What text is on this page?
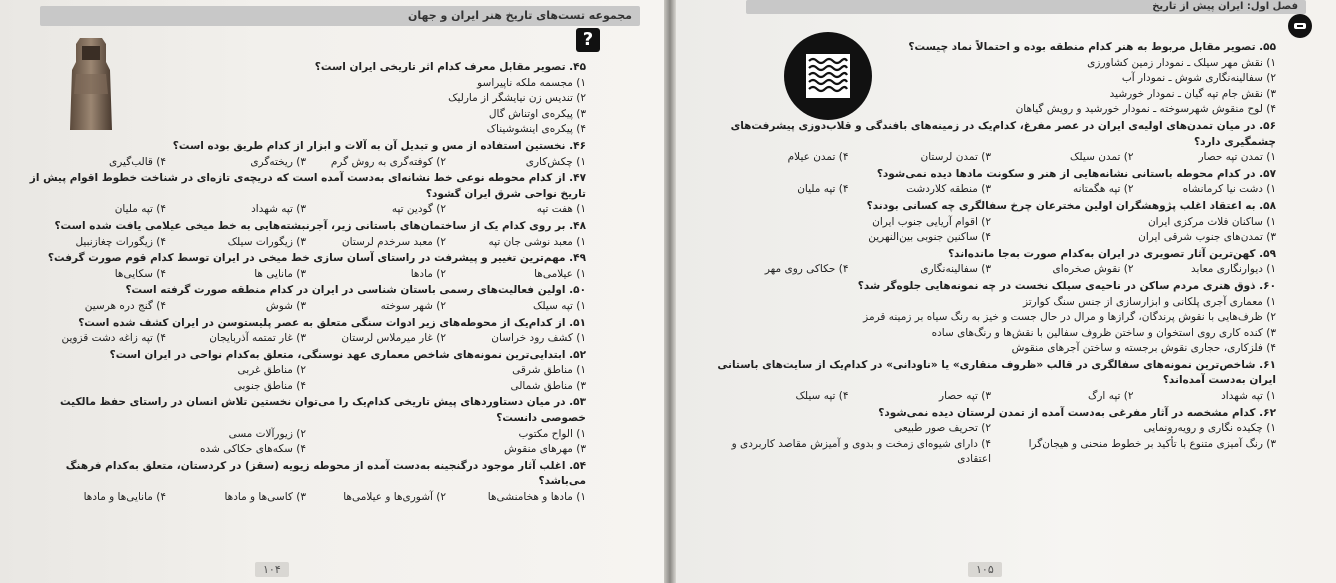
مجموعه تست‌های تاریخ هنر ایران و جهان
?
۴۵. تصویر مقابل معرف کدام اثر تاریخی ایران است؟
۱) مجسمه ملکه ناپیراسو
۲) تندیس زن نیایشگر از مارلیک
۳) پیکره‌ی اوتناش گال
۴) پیکره‌ی اینشوشیناک
۴۶. نخستین استفاده از مس و تبدیل آن به آلات و ابزار از کدام طریق بوده است؟
۱) چکش‌کاری
۲) کوفته‌گری به روش گرم
۳) ریخته‌گری
۴) قالب‌گیری
۴۷. از کدام محوطه نوعی خط نشانه‌ای به‌دست آمده است که دریچه‌ی تازه‌ای در شناخت خطوط اقوام پیش از تاریخ نواحی شرق ایران گشود؟
۱) هفت تپه
۲) گودین تپه
۳) تپه شهداد
۴) تپه ملیان
۴۸. بر روی کدام یک از ساختمان‌های باستانی زیر، آجرنبشته‌هایی به خط میخی عیلامی یافت شده است؟
۱) معبد نوشی جان تپه
۲) معبد سرخدم لرستان
۳) زیگورات سیلک
۴) زیگورات چغازنبیل
۴۹. مهم‌ترین تغییر و پیشرفت در راستای آسان سازی خط میخی در ایران توسط کدام قوم صورت گرفت؟
۱) عیلامی‌ها
۲) مادها
۳) مانایی ها
۴) سکایی‌ها
۵۰. اولین فعالیت‌های رسمی باستان شناسی در ایران در کدام منطقه صورت گرفته است؟
۱) تپه سیلک
۲) شهر سوخته
۳) شوش
۴) گنج دره هرسین
۵۱. از کدام‌یک از محوطه‌های زیر ادوات سنگی متعلق به عصر پلیستوسن در ایران کشف شده است؟
۱) کشف رود خراسان
۲) غار میرملاس لرستان
۳) غار تمتمه آذربایجان
۴) تپه زاغه دشت قزوین
۵۲. ابتدایی‌ترین نمونه‌های شاخص معماری عهد نوسنگی، متعلق به‌کدام نواحی در ایران است؟
۱) مناطق شرقی
۲) مناطق غربی
۳) مناطق شمالی
۴) مناطق جنوبی
۵۳. در میان دستاوردهای پیش تاریخی کدام‌یک را می‌توان نخستین تلاش انسان در راستای حفظ مالکیت خصوصی دانست؟
۱) الواح مکتوب
۲) زیورآلات مسی
۳) مهرهای منقوش
۴) سکه‌های حکاکی شده
۵۴. اغلب آثار موجود درگنجینه به‌دست آمده از محوطه زیویه (سقز) در کردستان، متعلق به‌کدام فرهنگ می‌باشد؟
۱) مادها و هخامنشی‌ها
۲) آشوری‌ها و عیلامی‌ها
۳) کاسی‌ها و مادها
۴) مانایی‌ها و مادها
۱۰۴
فصل اول: ایران پیش از تاریخ
۵۵. تصویر مقابل مربوط به هنر کدام منطقه بوده و احتمالاً نماد چیست؟
۱) نقش مهر سیلک ـ نمودار زمین کشاورزی
۲) سفالینه‌نگاری شوش ـ نمودار آب
۳) نقش جام تپه گیان ـ نمودار خورشید
۴) لوح منقوش شهرسوخته ـ نمودار خورشید و رویش گیاهان
۵۶. در میان تمدن‌های اولیه‌ی ایران در عصر مفرغ، کدام‌یک در زمینه‌های بافندگی و قلاب‌دوزی پیشرفت‌های چشمگیری دارد؟
۱) تمدن تپه حصار
۲) تمدن سیلک
۳) تمدن لرستان
۴) تمدن عیلام
۵۷. در کدام محوطه باستانی نشانه‌هایی از هنر و سکونت مادها دیده نمی‌شود؟
۱) دشت نیا کرمانشاه
۲) تپه هگمتانه
۳) منطقه کلاردشت
۴) تپه ملیان
۵۸. به اعتقاد اغلب پژوهشگران اولین مخترعان چرخ سفالگری چه کسانی بودند؟
۱) ساکنان فلات مرکزی ایران
۲) اقوام آریایی جنوب ایران
۳) تمدن‌های جنوب شرقی ایران
۴) ساکنین جنوبی بین‌النهرین
۵۹. کهن‌ترین آثار تصویری در ایران به‌کدام صورت به‌جا مانده‌اند؟
۱) دیوارنگاری معابد
۲) نقوش صخره‌ای
۳) سفالینه‌نگاری
۴) حکاکی روی مهر
۶۰. ذوق هنری مردم ساکن در ناحیه‌ی سیلک نخست در چه نمونه‌هایی جلوه‌گر شد؟
۱) معماری آجری پلکانی و ابزارسازی از جنس سنگ کوارتز
۲) ظرف‌هایی با نقوش پرندگان، گرازها و مرال در حال جست و خیز به رنگ سیاه بر زمینه قرمز
۳) کنده کاری روی استخوان و ساختن ظروف سفالین با نقش‌ها و رنگ‌های ساده
۴) فلزکاری، حجاری نقوش برجسته و ساختن آجرهای منقوش
۶۱. شاخص‌ترین نمونه‌های سفالگری در قالب «ظروف منقاری» یا «ناودانی» در کدام‌یک از سایت‌های باستانی ایران به‌دست آمده‌اند؟
۱) تپه شهداد
۲) تپه ارگ
۳) تپه حصار
۴) تپه سیلک
۶۲. کدام مشخصه در آثار مفرغی به‌دست آمده از تمدن لرستان دیده نمی‌شود؟
۱) چکیده نگاری و رویه‌رونمایی
۲) تحریف صور طبیعی
۳) رنگ آمیزی متنوع با تأکید بر خطوط منحنی و هیجان‌گرا
۴) دارای شیوه‌ای زمخت و بدوی و آمیزش مقاصد کاربردی و اعتقادی
۱۰۵
